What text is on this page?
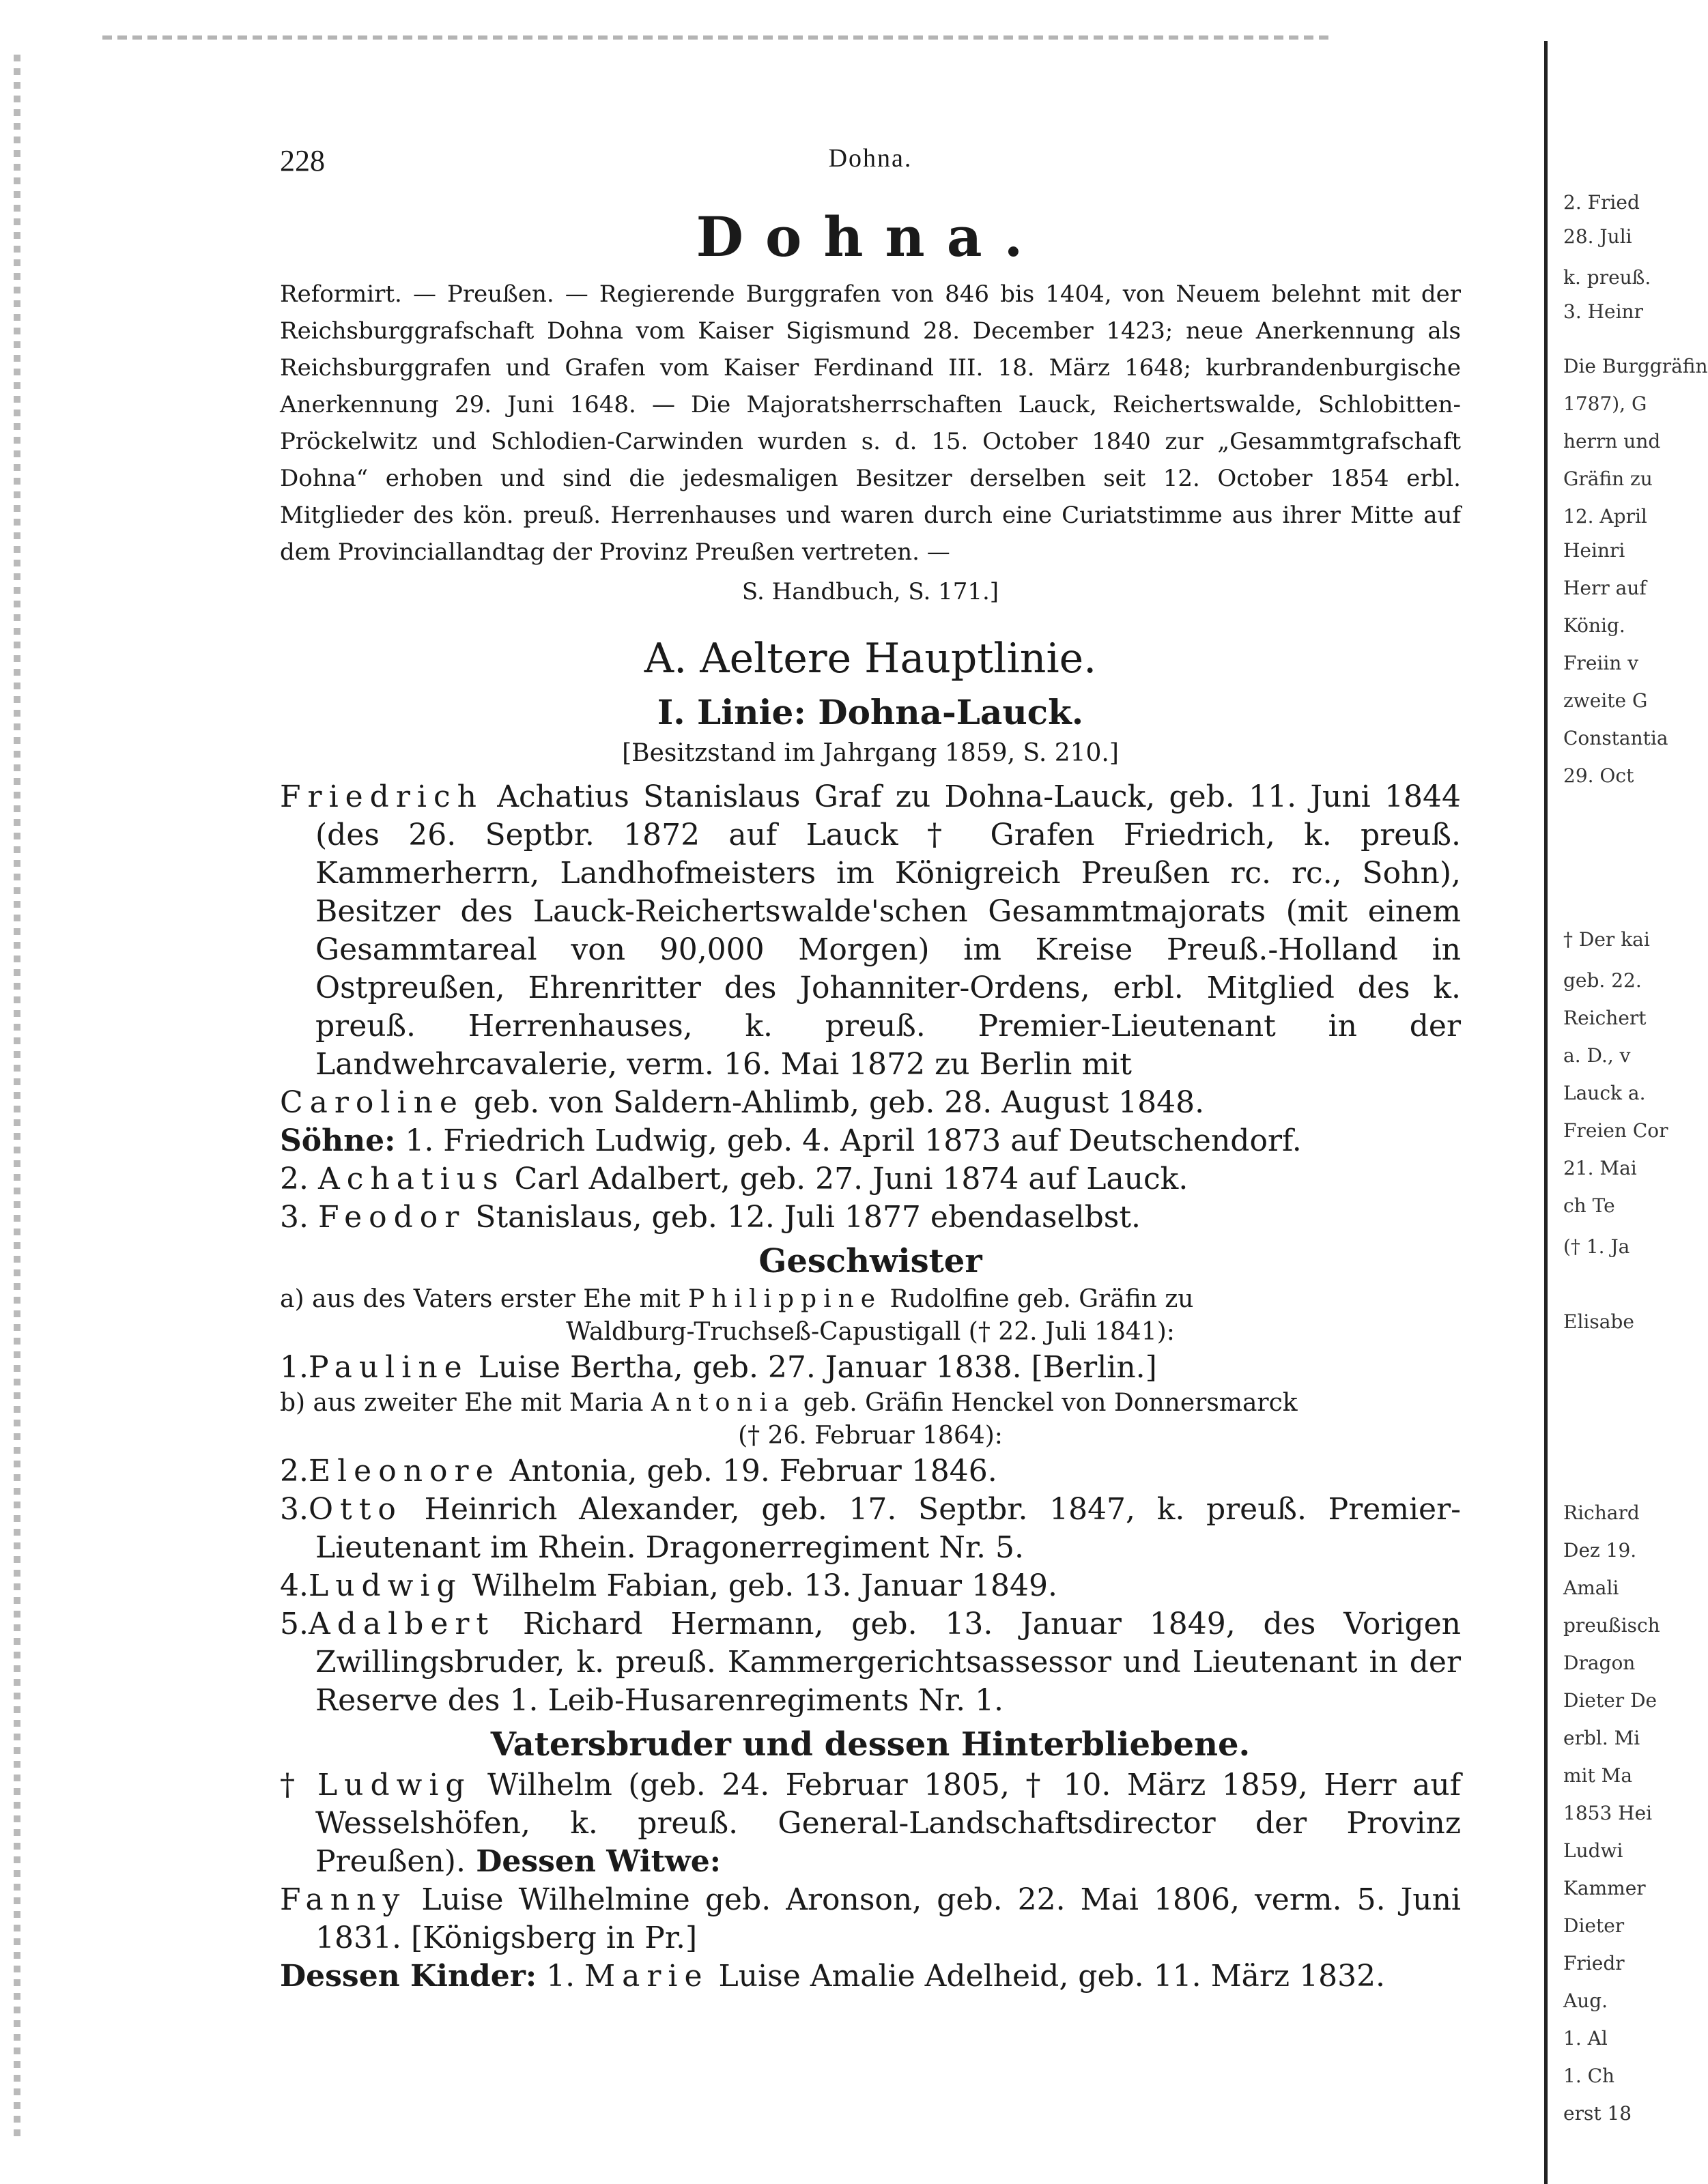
2. Fried
28. Juli
k. preuß.
3. Heinr
Die Burggräfin
1787), G
herrn und
Gräfin zu
12. April
Heinri
Herr auf
König.
Freiin v
zweite G
Constantia
29. Oct
† Der kai
geb. 22.
Reichert
a. D., v
Lauck a.
Freien Cor
21. Mai
ch Te
(† 1. Ja
Elisabe
Richard
Dez 19.
Amali
preußisch
Dragon
Dieter De
erbl. Mi
mit Ma
1853 Hei
Ludwi
Kammer
Dieter
Friedr
Aug.
1. Al
1. Ch
erst 18
228	Dohna.
Dohna.
Reformirt. — Preußen. — Regierende Burggrafen von 846 bis 1404, von Neuem belehnt mit der Reichsburggrafschaft Dohna vom Kaiser Sigismund 28. December 1423; neue Anerkennung als Reichsburggrafen und Grafen vom Kaiser Ferdinand III. 18. März 1648; kurbrandenburgische Anerkennung 29. Juni 1648. — Die Majoratsherrschaften Lauck, Reichertswalde, Schlobitten-Pröckelwitz und Schlodien-Carwinden wurden s. d. 15. October 1840 zur „Gesammtgrafschaft Dohna“ erhoben und sind die jedesmaligen Besitzer derselben seit 12. October 1854 erbl. Mitglieder des kön. preuß. Herrenhauses und waren durch eine Curiatstimme aus ihrer Mitte auf dem Provinciallandtag der Provinz Preußen vertreten. —
S. Handbuch, S. 171.]
A. Aeltere Hauptlinie.
I. Linie: Dohna-Lauck.
[Besitzstand im Jahrgang 1859, S. 210.]
Friedrich Achatius Stanislaus Graf zu Dohna-Lauck, geb. 11. Juni 1844 (des 26. Septbr. 1872 auf Lauck † Grafen Friedrich, k. preuß. Kammerherrn, Landhofmeisters im Königreich Preußen rc. rc., Sohn), Besitzer des Lauck-Reichertswalde'schen Gesammtmajorats (mit einem Gesammtareal von 90,000 Morgen) im Kreise Preuß.-Holland in Ostpreußen, Ehrenritter des Johanniter-Ordens, erbl. Mitglied des k. preuß. Herrenhauses, k. preuß. Premier-Lieutenant in der Landwehrcavalerie, verm. 16. Mai 1872 zu Berlin mit
Caroline geb. von Saldern-Ahlimb, geb. 28. August 1848.
Söhne: 1. Friedrich Ludwig, geb. 4. April 1873 auf Deutschendorf.
2. Achatius Carl Adalbert, geb. 27. Juni 1874 auf Lauck.
3. Feodor Stanislaus, geb. 12. Juli 1877 ebendaselbst.
Geschwister
a) aus des Vaters erster Ehe mit Philippine Rudolfine geb. Gräfin zu
Waldburg-Truchseß-Capustigall († 22. Juli 1841):
1.Pauline Luise Bertha, geb. 27. Januar 1838. [Berlin.]
b) aus zweiter Ehe mit Maria Antonia geb. Gräfin Henckel von Donnersmarck
(† 26. Februar 1864):
2.Eleonore Antonia, geb. 19. Februar 1846.
3.Otto Heinrich Alexander, geb. 17. Septbr. 1847, k. preuß. Premier-Lieutenant im Rhein. Dragonerregiment Nr. 5.
4.Ludwig Wilhelm Fabian, geb. 13. Januar 1849.
5.Adalbert Richard Hermann, geb. 13. Januar 1849, des Vorigen Zwillingsbruder, k. preuß. Kammergerichtsassessor und Lieutenant in der Reserve des 1. Leib-Husarenregiments Nr. 1.
Vatersbruder und dessen Hinterbliebene.
† Ludwig Wilhelm (geb. 24. Februar 1805, † 10. März 1859, Herr auf Wesselshöfen, k. preuß. General-Landschaftsdirector der Provinz Preußen). Dessen Witwe:
Fanny Luise Wilhelmine geb. Aronson, geb. 22. Mai 1806, verm. 5. Juni 1831. [Königsberg in Pr.]
Dessen Kinder: 1. Marie Luise Amalie Adelheid, geb. 11. März 1832.
